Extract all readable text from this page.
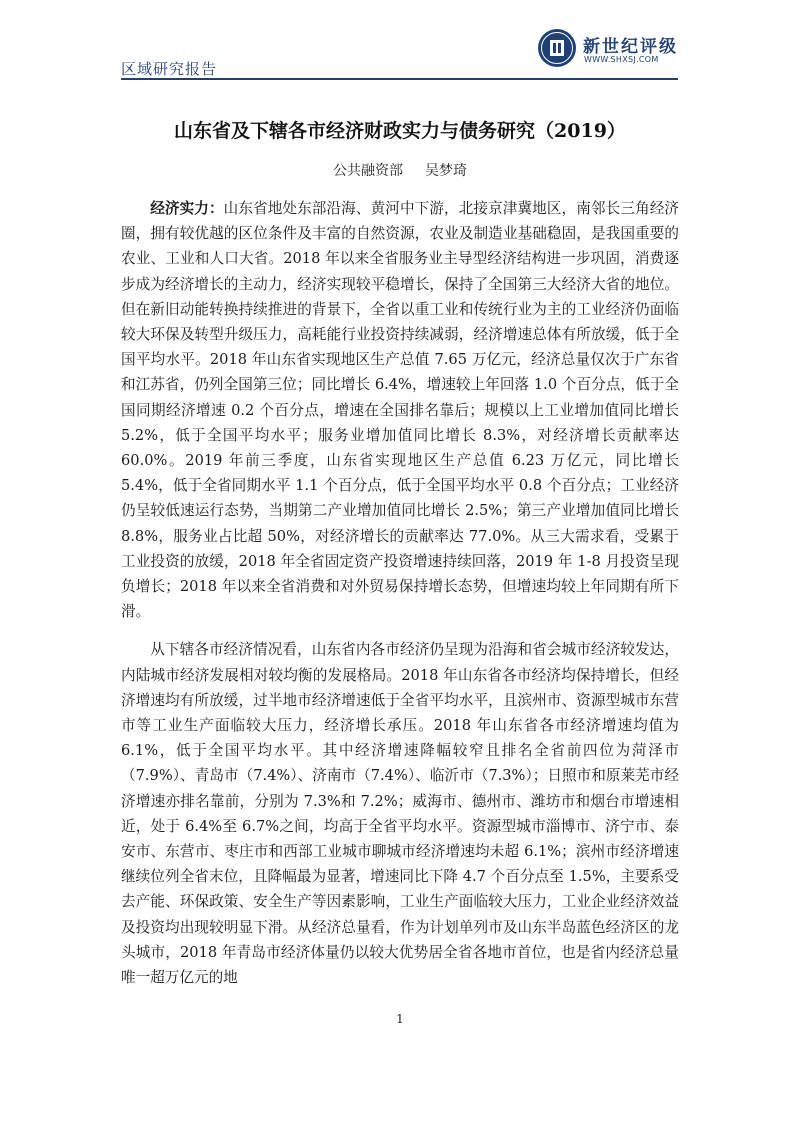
区域研究报告
新世纪评级
WWW.SHXSJ.COM
山东省及下辖各市经济财政实力与债务研究（2019）
公共融资部 吴梦琦

经济实力：山东省地处东部沿海、黄河中下游，北接京津冀地区，南邻长三角经济圈，拥有较优越的区位条件及丰富的自然资源，农业及制造业基础稳固，是我国重要的农业、工业和人口大省。2018 年以来全省服务业主导型经济结构进一步巩固，消费逐步成为经济增长的主动力，经济实现较平稳增长，保持了全国第三大经济大省的地位。但在新旧动能转换持续推进的背景下，全省以重工业和传统行业为主的工业经济仍面临较大环保及转型升级压力，高耗能行业投资持续减弱，经济增速总体有所放缓，低于全国平均水平。2018 年山东省实现地区生产总值 7.65 万亿元，经济总量仅次于广东省和江苏省，仍列全国第三位；同比增长 6.4%，增速较上年回落 1.0 个百分点，低于全国同期经济增速 0.2 个百分点，增速在全国排名靠后；规模以上工业增加值同比增长 5.2%，低于全国平均水平；服务业增加值同比增长 8.3%，对经济增长贡献率达 60.0%。2019 年前三季度，山东省实现地区生产总值 6.23 万亿元，同比增长 5.4%，低于全省同期水平 1.1 个百分点，低于全国平均水平 0.8 个百分点；工业经济仍呈较低速运行态势，当期第二产业增加值同比增长 2.5%；第三产业增加值同比增长 8.8%，服务业占比超 50%，对经济增长的贡献率达 77.0%。从三大需求看，受累于工业投资的放缓，2018 年全省固定资产投资增速持续回落，2019 年 1-8 月投资呈现负增长；2018 年以来全省消费和对外贸易保持增长态势，但增速均较上年同期有所下滑。

从下辖各市经济情况看，山东省内各市经济仍呈现为沿海和省会城市经济较发达，内陆城市经济发展相对较均衡的发展格局。2018 年山东省各市经济均保持增长，但经济增速均有所放缓，过半地市经济增速低于全省平均水平，且滨州市、资源型城市东营市等工业生产面临较大压力，经济增长承压。2018 年山东省各市经济增速均值为 6.1%，低于全国平均水平。其中经济增速降幅较窄且排名全省前四位为菏泽市（7.9%）、青岛市（7.4%）、济南市（7.4%）、临沂市（7.3%）；日照市和原莱芜市经济增速亦排名靠前，分别为 7.3%和 7.2%；威海市、德州市、潍坊市和烟台市增速相近，处于 6.4%至 6.7%之间，均高于全省平均水平。资源型城市淄博市、济宁市、泰安市、东营市、枣庄市和西部工业城市聊城市经济增速均未超 6.1%；滨州市经济增速继续位列全省末位，且降幅最为显著，增速同比下降 4.7 个百分点至 1.5%，主要系受去产能、环保政策、安全生产等因素影响，工业生产面临较大压力，工业企业经济效益及投资均出现较明显下滑。从经济总量看，作为计划单列市及山东半岛蓝色经济区的龙头城市，2018 年青岛市经济体量仍以较大优势居全省各地市首位，也是省内经济总量唯一超万亿元的地

1
